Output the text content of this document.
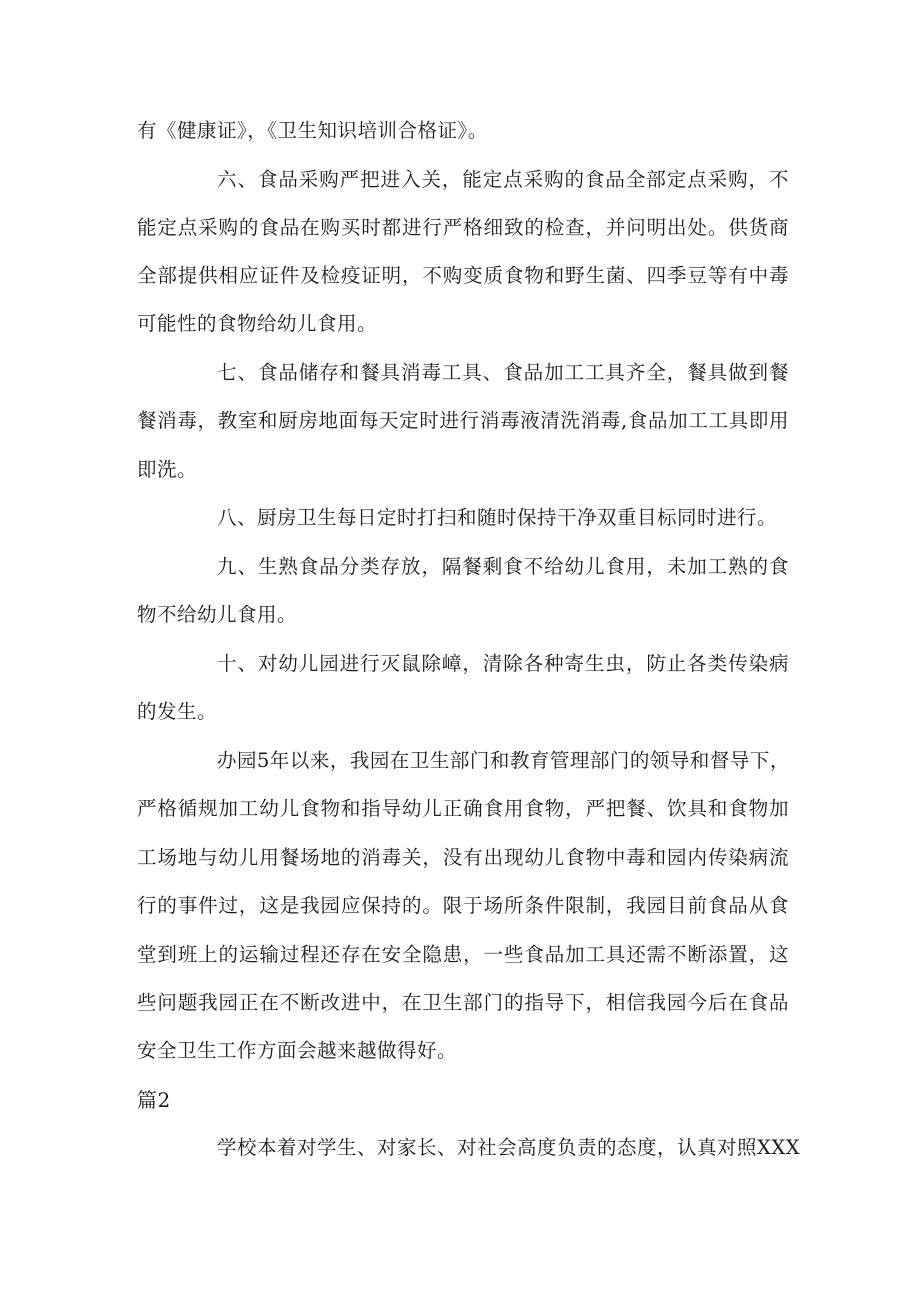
有《健康证》，《卫生知识培训合格证》。

六、食品采购严把进入关，能定点采购的食品全部定点采购，不

能定点采购的食品在购买时都进行严格细致的检查，并问明出处。供货商

全部提供相应证件及检疫证明，不购变质食物和野生菌、四季豆等有中毒

可能性的食物给幼儿食用。

七、食品储存和餐具消毒工具、食品加工工具齐全，餐具做到餐

餐消毒，教室和厨房地面每天定时进行消毒液清洗消毒,食品加工工具即用

即洗。

八、厨房卫生每日定时打扫和随时保持干净双重目标同时进行。

九、生熟食品分类存放，隔餐剩食不给幼儿食用，未加工熟的食

物不给幼儿食用。

十、对幼儿园进行灭鼠除嶂，清除各种寄生虫，防止各类传染病

的发生。

办园5年以来，我园在卫生部门和教育管理部门的领导和督导下，

严格循规加工幼儿食物和指导幼儿正确食用食物，严把餐、饮具和食物加

工场地与幼儿用餐场地的消毒关，没有出现幼儿食物中毒和园内传染病流

行的事件过，这是我园应保持的。限于场所条件限制，我园目前食品从食

堂到班上的运输过程还存在安全隐患，一些食品加工具还需不断添置，这

些问题我园正在不断改进中，在卫生部门的指导下，相信我园今后在食品

安全卫生工作方面会越来越做得好。

篇2

学校本着对学生、对家长、对社会高度负责的态度，认真对照XXX
